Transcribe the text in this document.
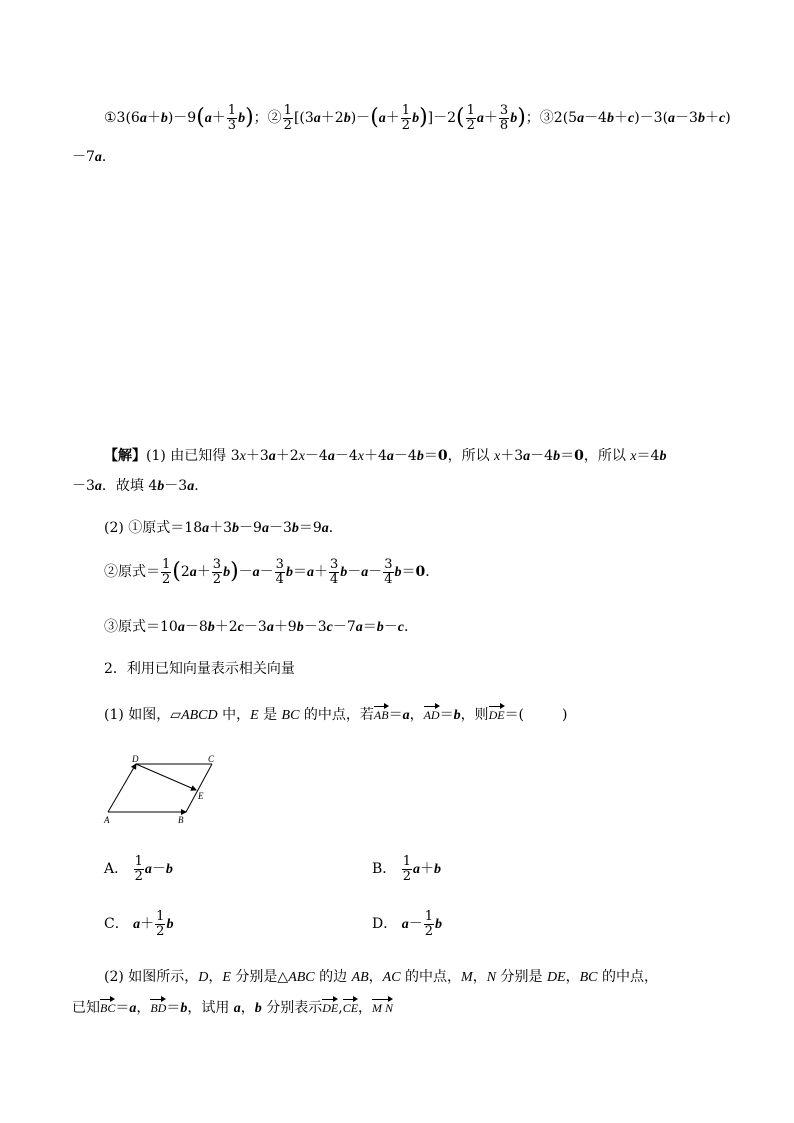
①3(6a＋b)－9(a＋ $\frac{1}{3} b$)；② $\frac{1}{2} [(3a+2b)-(a+ \frac{1}{2} b)]-2( \frac{1}{2} a+ \frac{3}{8} b)$；③2(5a－4b＋c)－3(a－3b＋c)
－7a．
【解】(1) 由已知得 3x＋3a＋2x－4a－4x＋4a－4b＝0，所以 x＋3a－4b＝0，所以 x＝4b
－3a．故填 4b－3a．
(2) ①原式＝18a＋3b－9a－3b＝9a．
②原式＝ $\frac{1}{2} (2a+ \frac{3}{2} b)-a- \frac{3}{4} b=a+ \frac{3}{4} b-a- \frac{3}{4} b=0$.
③原式＝10a－8b＋2c－3a＋9b－3c－7a＝b－c．
2．利用已知向量表示相关向量
(1) 如图，▱ABCD 中，E 是 BC 的中点，若AB＝a，AD＝b，则DE＝(	)
D	C
E
A	B
A． $\frac{1}{2} a-b$	B． $\frac{1}{2} a+b$
C． $a+ \frac{1}{2}$ b	D． $a- \frac{1}{2}$ b
(2) 如图所示，D，E 分别是△ABC 的边 AB，AC 的中点，M，N 分别是 DE，BC 的中点，
已知BC＝a，BD＝b，试用 a，b 分别表示DE,CE，M N
